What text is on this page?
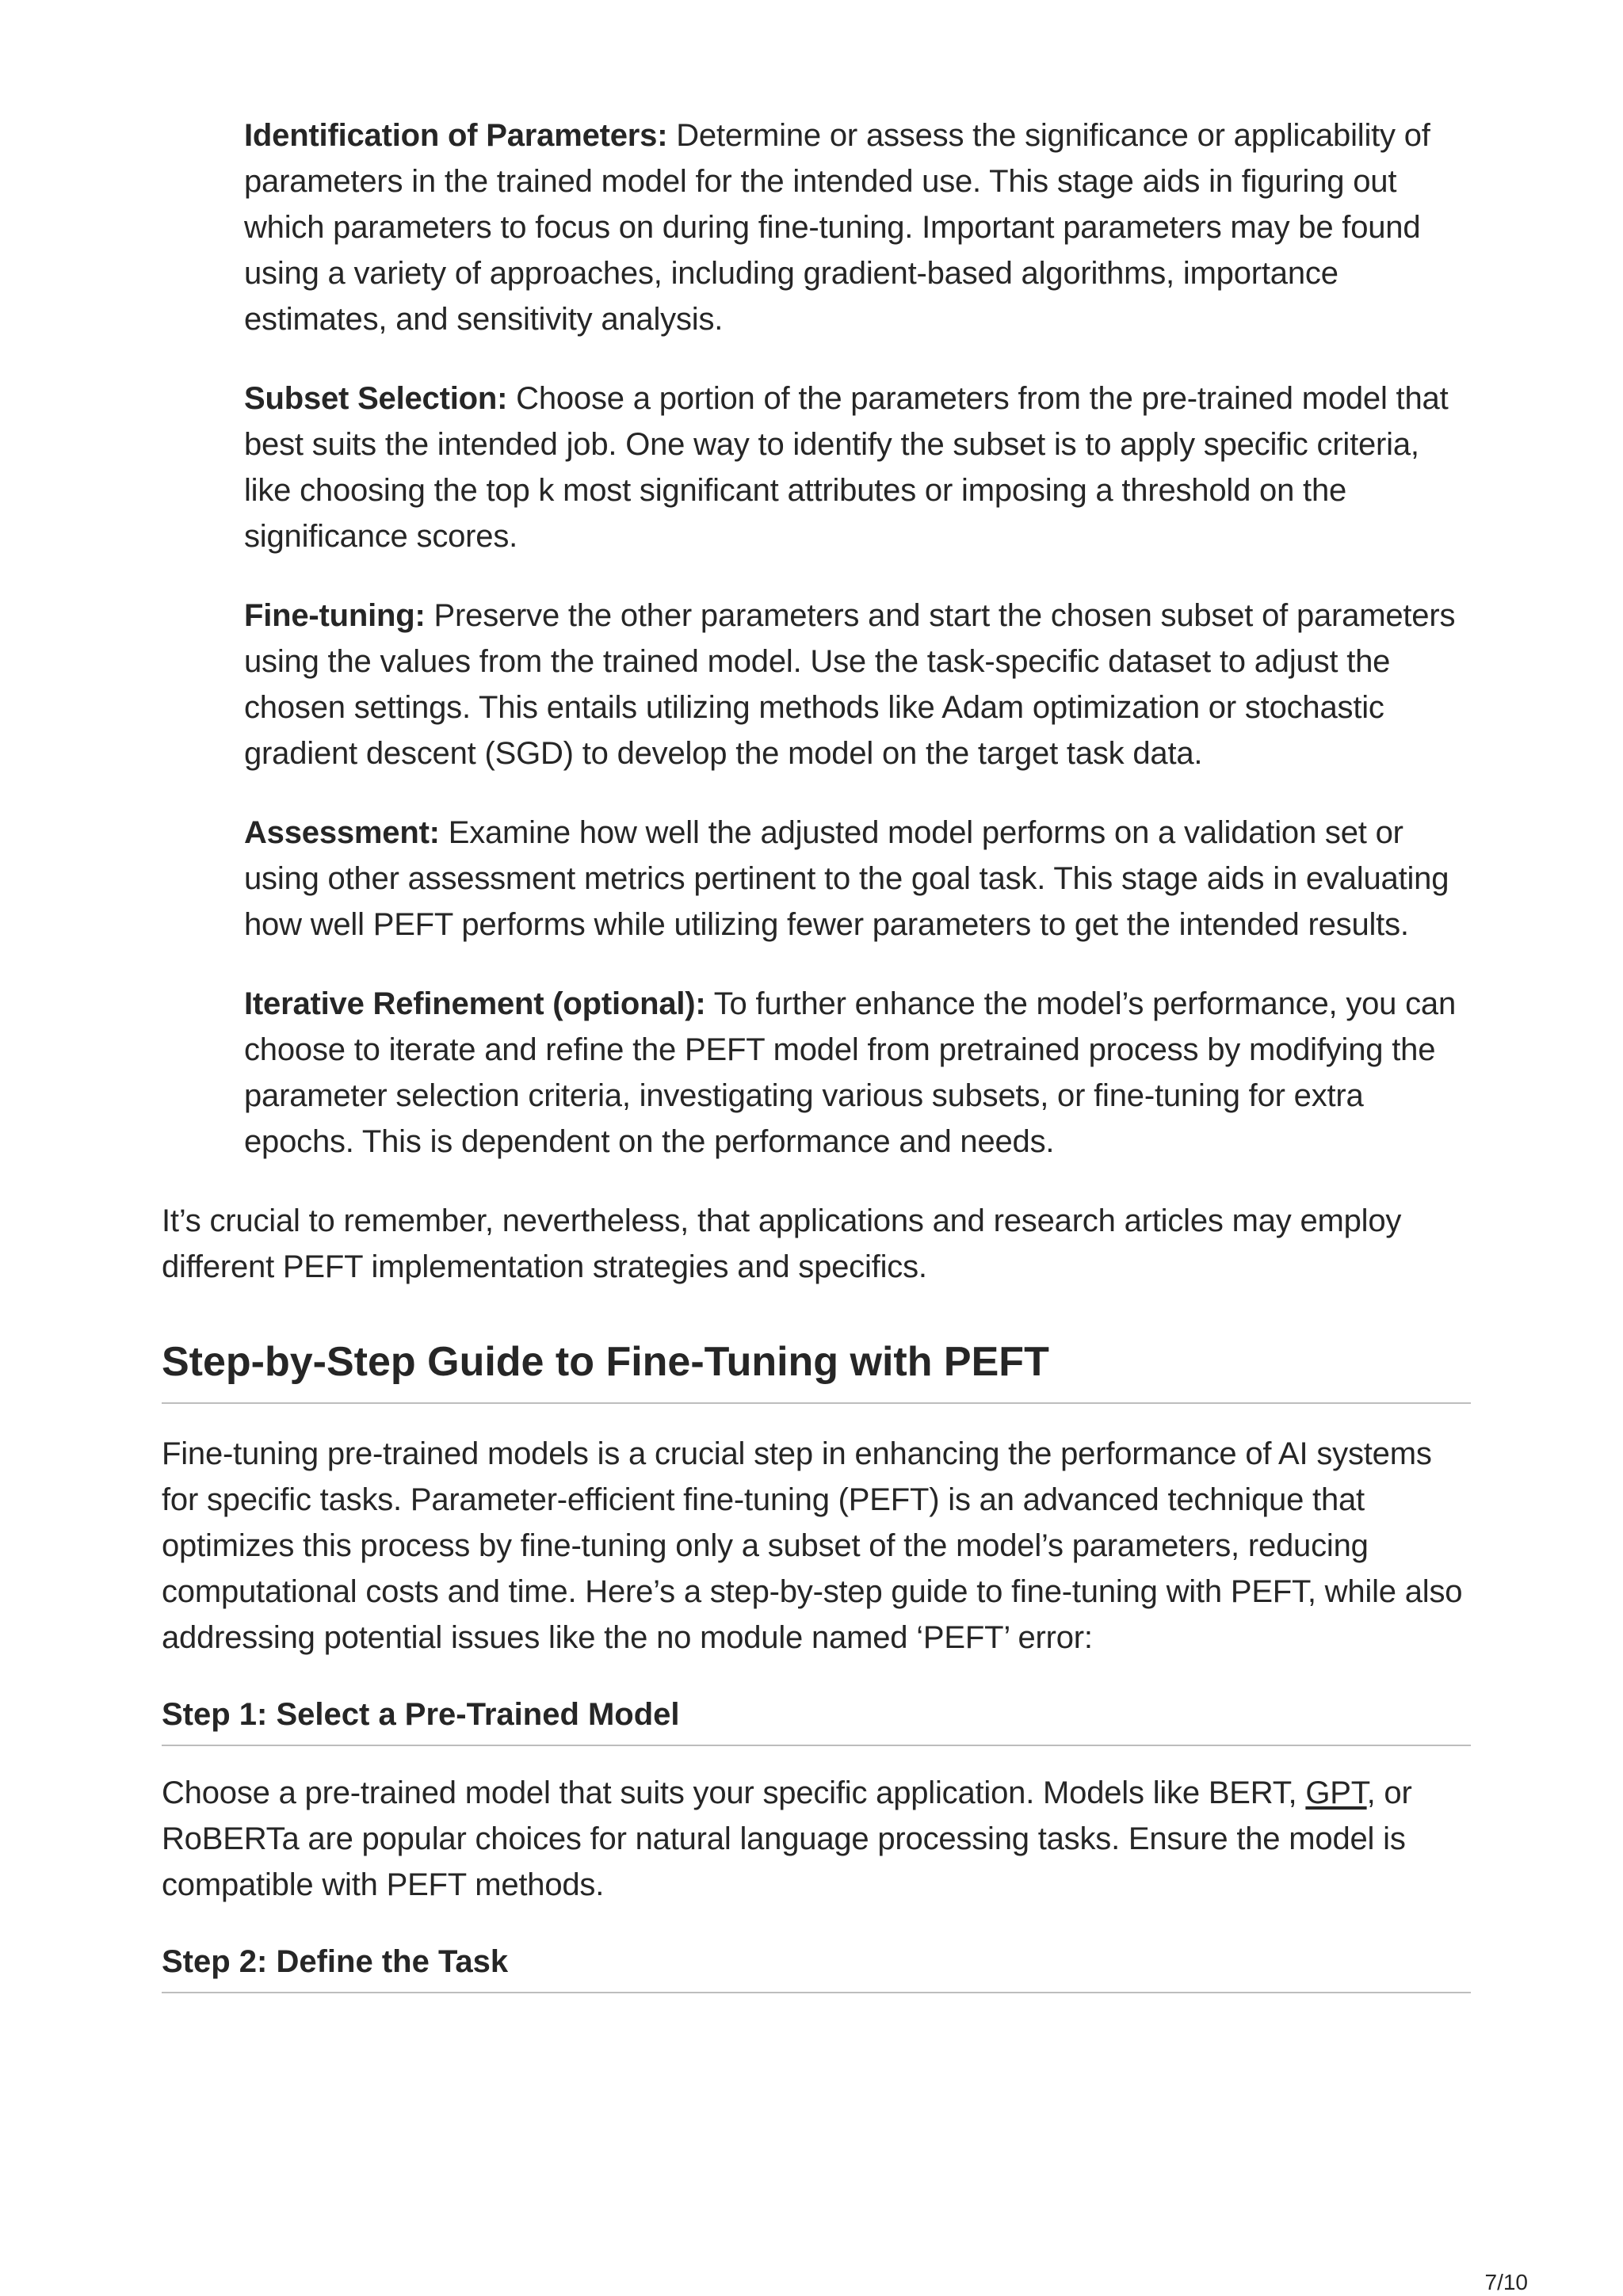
Identification of Parameters: Determine or assess the significance or applicability of parameters in the trained model for the intended use. This stage aids in figuring out which parameters to focus on during fine-tuning. Important parameters may be found using a variety of approaches, including gradient-based algorithms, importance estimates, and sensitivity analysis.

Subset Selection: Choose a portion of the parameters from the pre-trained model that best suits the intended job. One way to identify the subset is to apply specific criteria, like choosing the top k most significant attributes or imposing a threshold on the significance scores.

Fine-tuning: Preserve the other parameters and start the chosen subset of parameters using the values from the trained model. Use the task-specific dataset to adjust the chosen settings. This entails utilizing methods like Adam optimization or stochastic gradient descent (SGD) to develop the model on the target task data.

Assessment: Examine how well the adjusted model performs on a validation set or using other assessment metrics pertinent to the goal task. This stage aids in evaluating how well PEFT performs while utilizing fewer parameters to get the intended results.

Iterative Refinement (optional): To further enhance the model’s performance, you can choose to iterate and refine the PEFT model from pretrained process by modifying the parameter selection criteria, investigating various subsets, or fine-tuning for extra epochs. This is dependent on the performance and needs.

It’s crucial to remember, nevertheless, that applications and research articles may employ different PEFT implementation strategies and specifics.

Step-by-Step Guide to Fine-Tuning with PEFT

Fine-tuning pre-trained models is a crucial step in enhancing the performance of AI systems for specific tasks. Parameter-efficient fine-tuning (PEFT) is an advanced technique that optimizes this process by fine-tuning only a subset of the model’s parameters, reducing computational costs and time. Here’s a step-by-step guide to fine-tuning with PEFT, while also addressing potential issues like the no module named ‘PEFT’ error:

Step 1: Select a Pre-Trained Model

Choose a pre-trained model that suits your specific application. Models like BERT, GPT, or RoBERTa are popular choices for natural language processing tasks. Ensure the model is compatible with PEFT methods.

Step 2: Define the Task
7/10
